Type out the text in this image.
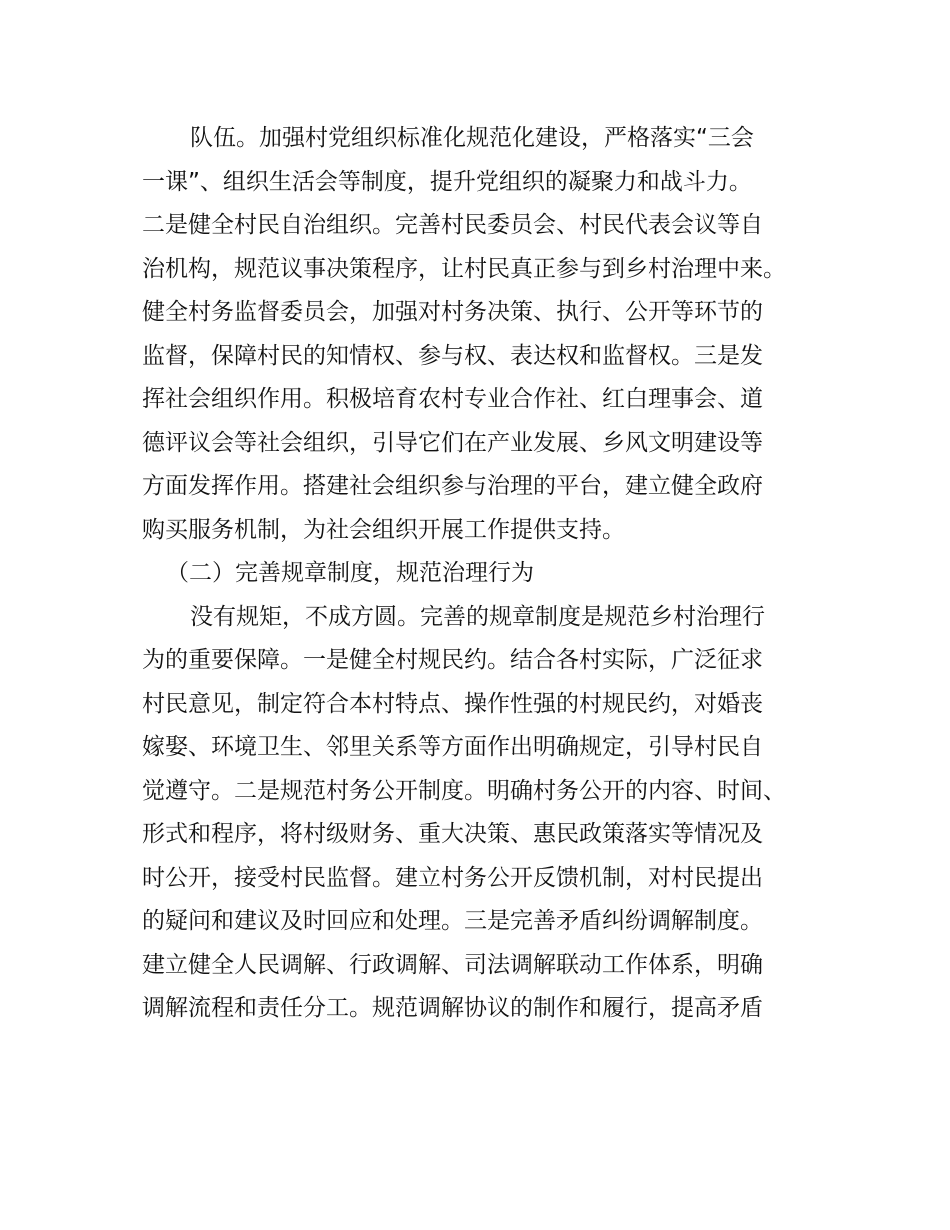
队伍。加强村党组织标准化规范化建设，严格落实“三会
一课”、组织生活会等制度，提升党组织的凝聚力和战斗力。
二是健全村民自治组织。完善村民委员会、村民代表会议等自
治机构，规范议事决策程序，让村民真正参与到乡村治理中来。
健全村务监督委员会，加强对村务决策、执行、公开等环节的
监督，保障村民的知情权、参与权、表达权和监督权。三是发
挥社会组织作用。积极培育农村专业合作社、红白理事会、道
德评议会等社会组织，引导它们在产业发展、乡风文明建设等
方面发挥作用。搭建社会组织参与治理的平台，建立健全政府
购买服务机制，为社会组织开展工作提供支持。
（二）完善规章制度，规范治理行为
没有规矩，不成方圆。完善的规章制度是规范乡村治理行
为的重要保障。一是健全村规民约。结合各村实际，广泛征求
村民意见，制定符合本村特点、操作性强的村规民约，对婚丧
嫁娶、环境卫生、邻里关系等方面作出明确规定，引导村民自
觉遵守。二是规范村务公开制度。明确村务公开的内容、时间、
形式和程序，将村级财务、重大决策、惠民政策落实等情况及
时公开，接受村民监督。建立村务公开反馈机制，对村民提出
的疑问和建议及时回应和处理。三是完善矛盾纠纷调解制度。
建立健全人民调解、行政调解、司法调解联动工作体系，明确
调解流程和责任分工。规范调解协议的制作和履行，提高矛盾
